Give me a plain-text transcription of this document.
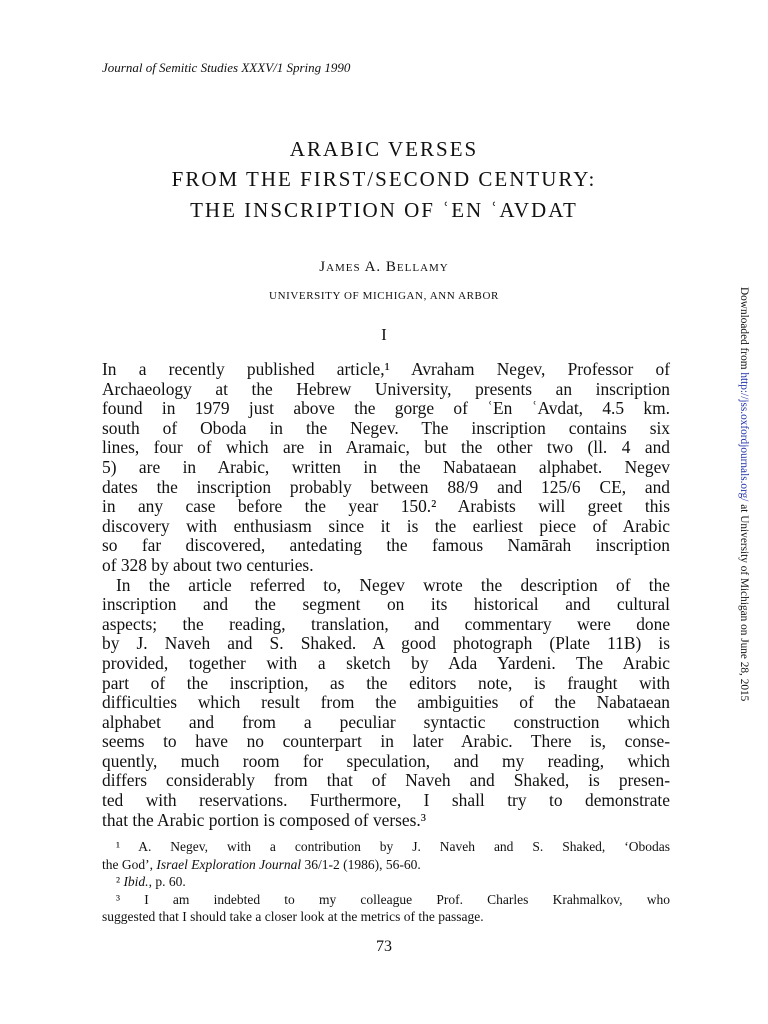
Journal of Semitic Studies XXXV/1 Spring 1990
ARABIC VERSES
FROM THE FIRST/SECOND CENTURY:
THE INSCRIPTION OF ʿEN ʿAVDAT
James A. Bellamy
UNIVERSITY OF MICHIGAN, ANN ARBOR
I
In a recently published article,¹ Avraham Negev, Professor of
Archaeology at the Hebrew University, presents an inscription
found in 1979 just above the gorge of ʿEn ʿAvdat, 4.5 km.
south of Oboda in the Negev. The inscription contains six
lines, four of which are in Aramaic, but the other two (ll. 4 and
5) are in Arabic, written in the Nabataean alphabet. Negev
dates the inscription probably between 88/9 and 125/6 CE, and
in any case before the year 150.² Arabists will greet this
discovery with enthusiasm since it is the earliest piece of Arabic
so far discovered, antedating the famous Namārah inscription
of 328 by about two centuries.
In the article referred to, Negev wrote the description of the
inscription and the segment on its historical and cultural
aspects; the reading, translation, and commentary were done
by J. Naveh and S. Shaked. A good photograph (Plate 11B) is
provided, together with a sketch by Ada Yardeni. The Arabic
part of the inscription, as the editors note, is fraught with
difficulties which result from the ambiguities of the Nabataean
alphabet and from a peculiar syntactic construction which
seems to have no counterpart in later Arabic. There is, conse-
quently, much room for speculation, and my reading, which
differs considerably from that of Naveh and Shaked, is presen-
ted with reservations. Furthermore, I shall try to demonstrate
that the Arabic portion is composed of verses.³
¹ A. Negev, with a contribution by J. Naveh and S. Shaked, ‘Obodas
the God’, Israel Exploration Journal 36/1-2 (1986), 56-60.
² Ibid., p. 60.
³ I am indebted to my colleague Prof. Charles Krahmalkov, who
suggested that I should take a closer look at the metrics of the passage.
73
Downloaded from http://jss.oxfordjournals.org/ at University of Michigan on June 28, 2015
